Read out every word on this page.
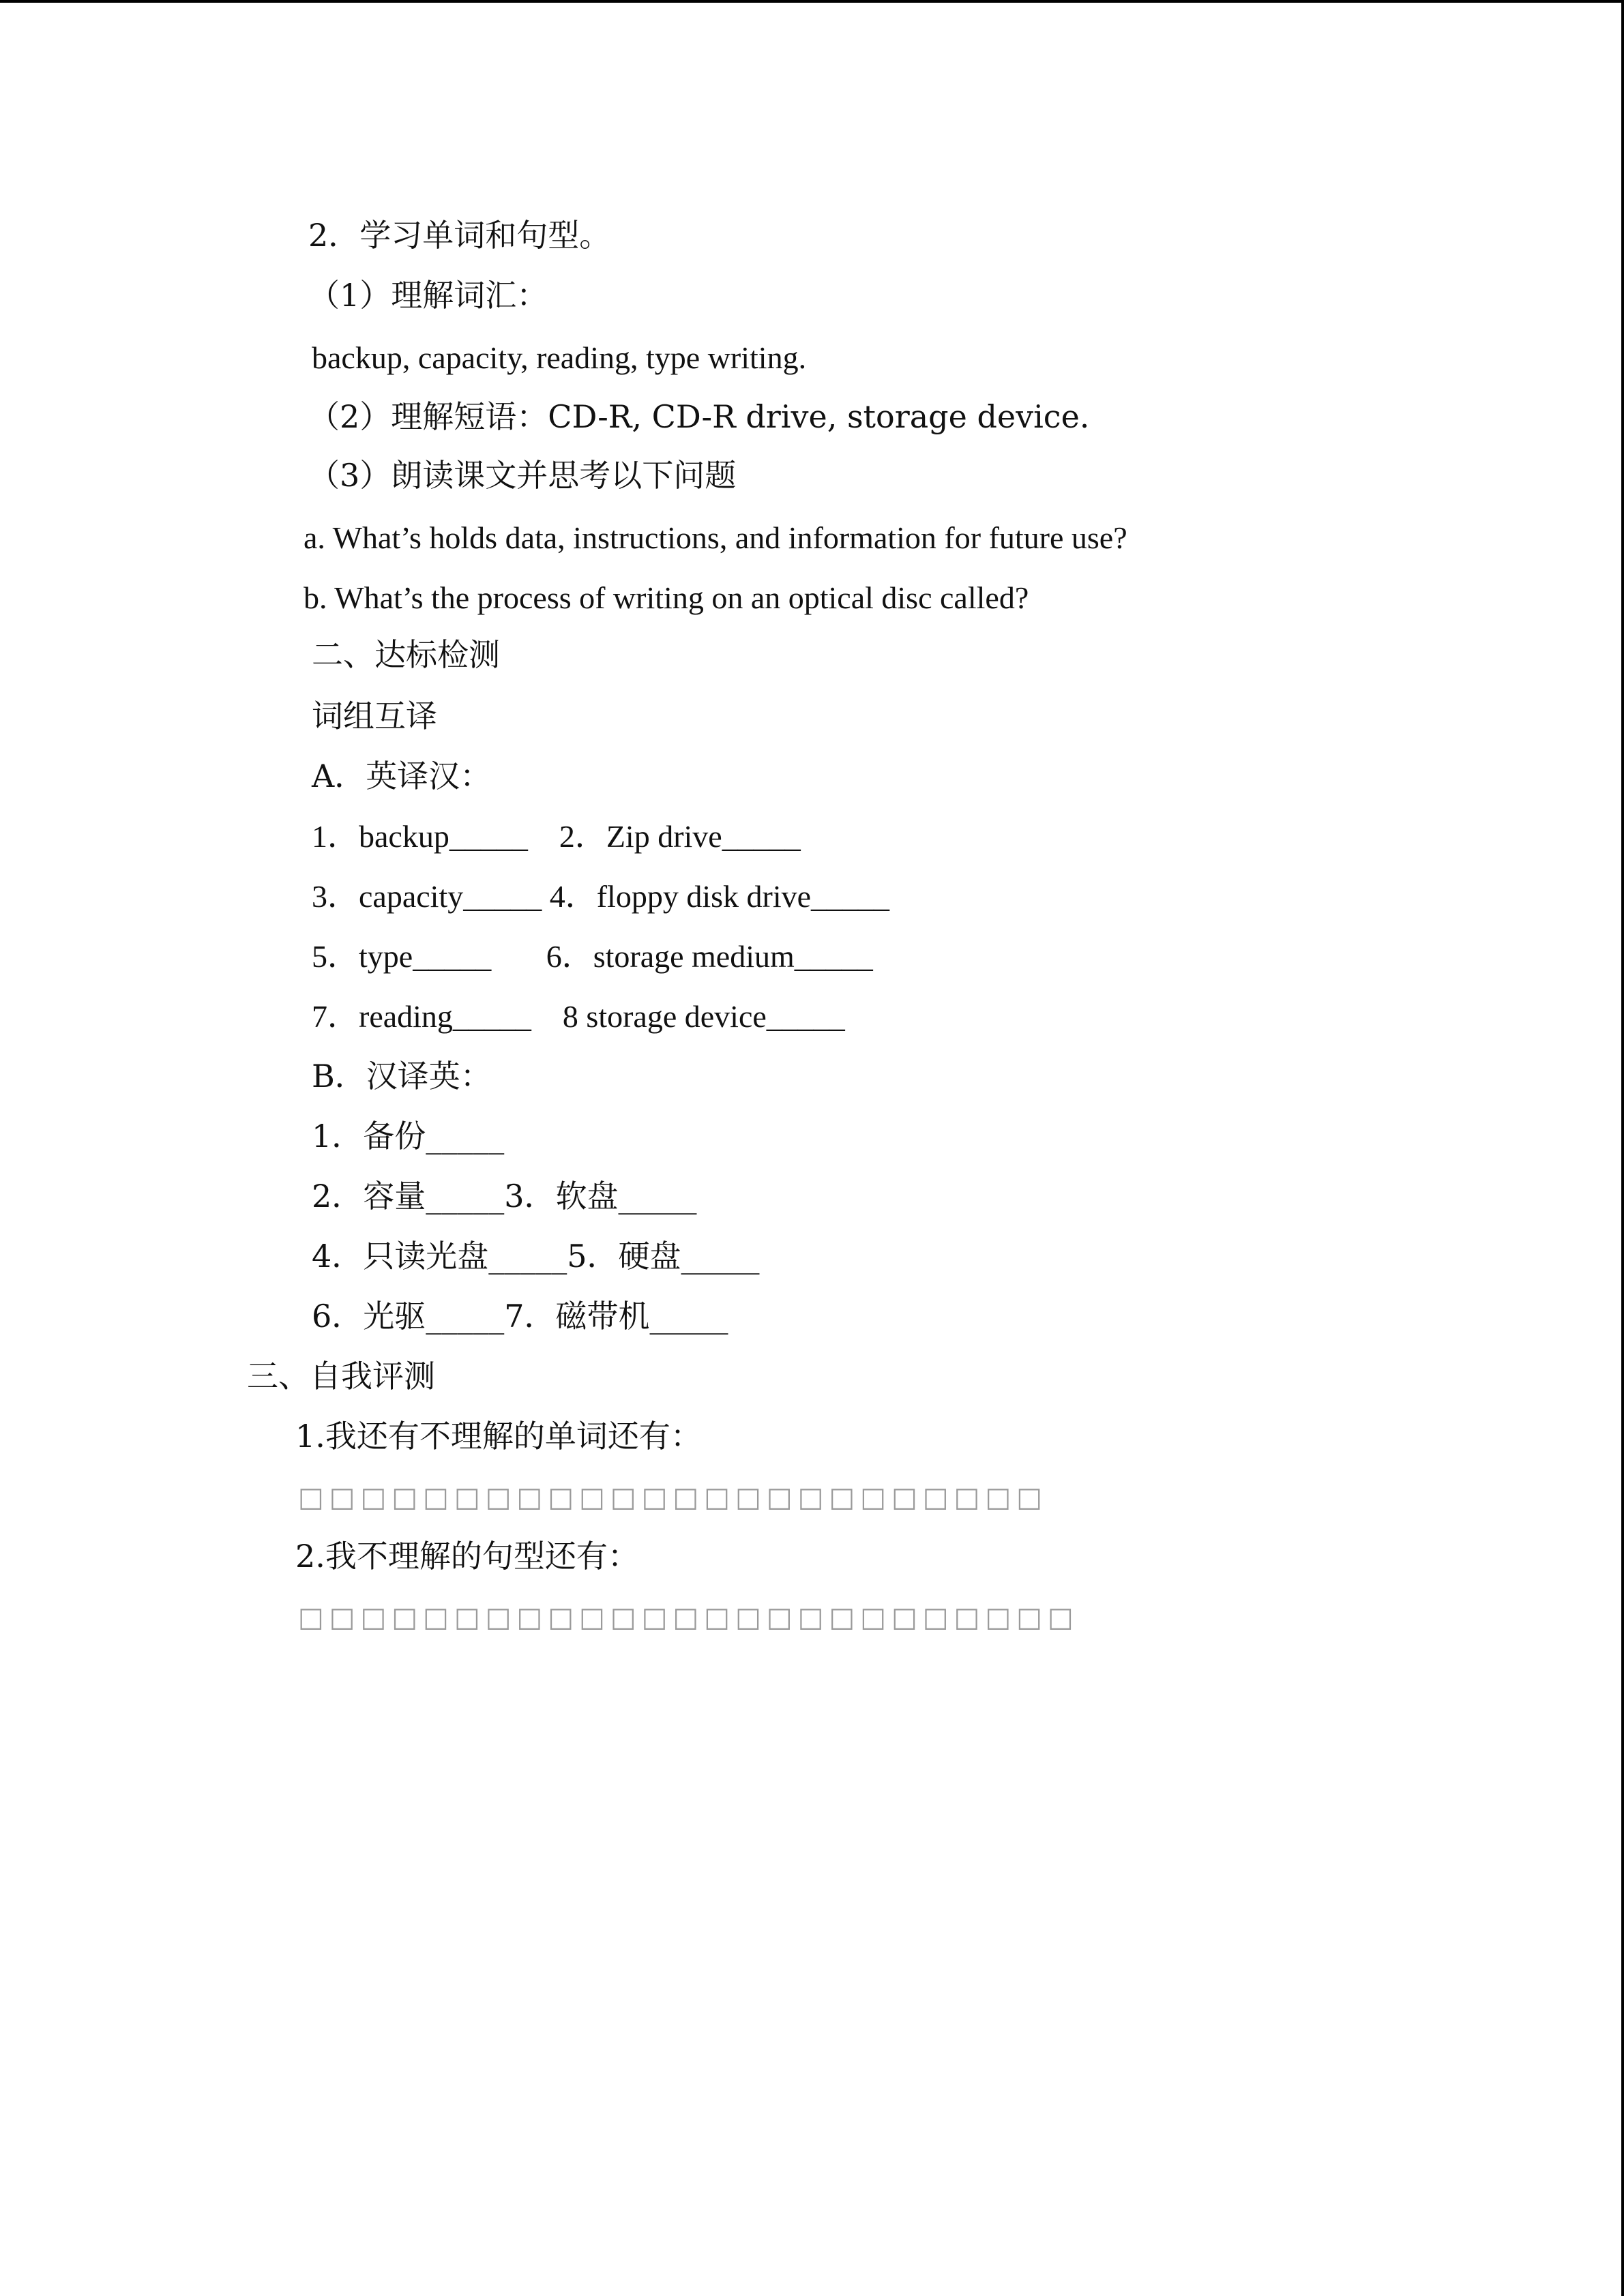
2．学习单词和句型。

（1）理解词汇：

backup, capacity, reading, type writing.

（2）理解短语：CD-R, CD-R drive, storage device.

（3）朗读课文并思考以下问题

a. What’s holds data, instructions, and information for future use?

b. What’s the process of writing on an optical disc called?

二、达标检测

词组互译

A．英译汉：

1．backup_____    2．Zip drive_____

3．capacity_____ 4．floppy disk drive_____

5．type_____       6．storage medium_____

7．reading_____    8 storage device_____

B．汉译英：

1．备份_____

2．容量_____3．软盘_____

4．只读光盘_____5．硬盘_____

6．光驱_____7．磁带机_____

三、自我评测

1.我还有不理解的单词还有：

□□□□□□□□□□□□□□□□□□□□□□□□

2.我不理解的句型还有：

□□□□□□□□□□□□□□□□□□□□□□□□□
